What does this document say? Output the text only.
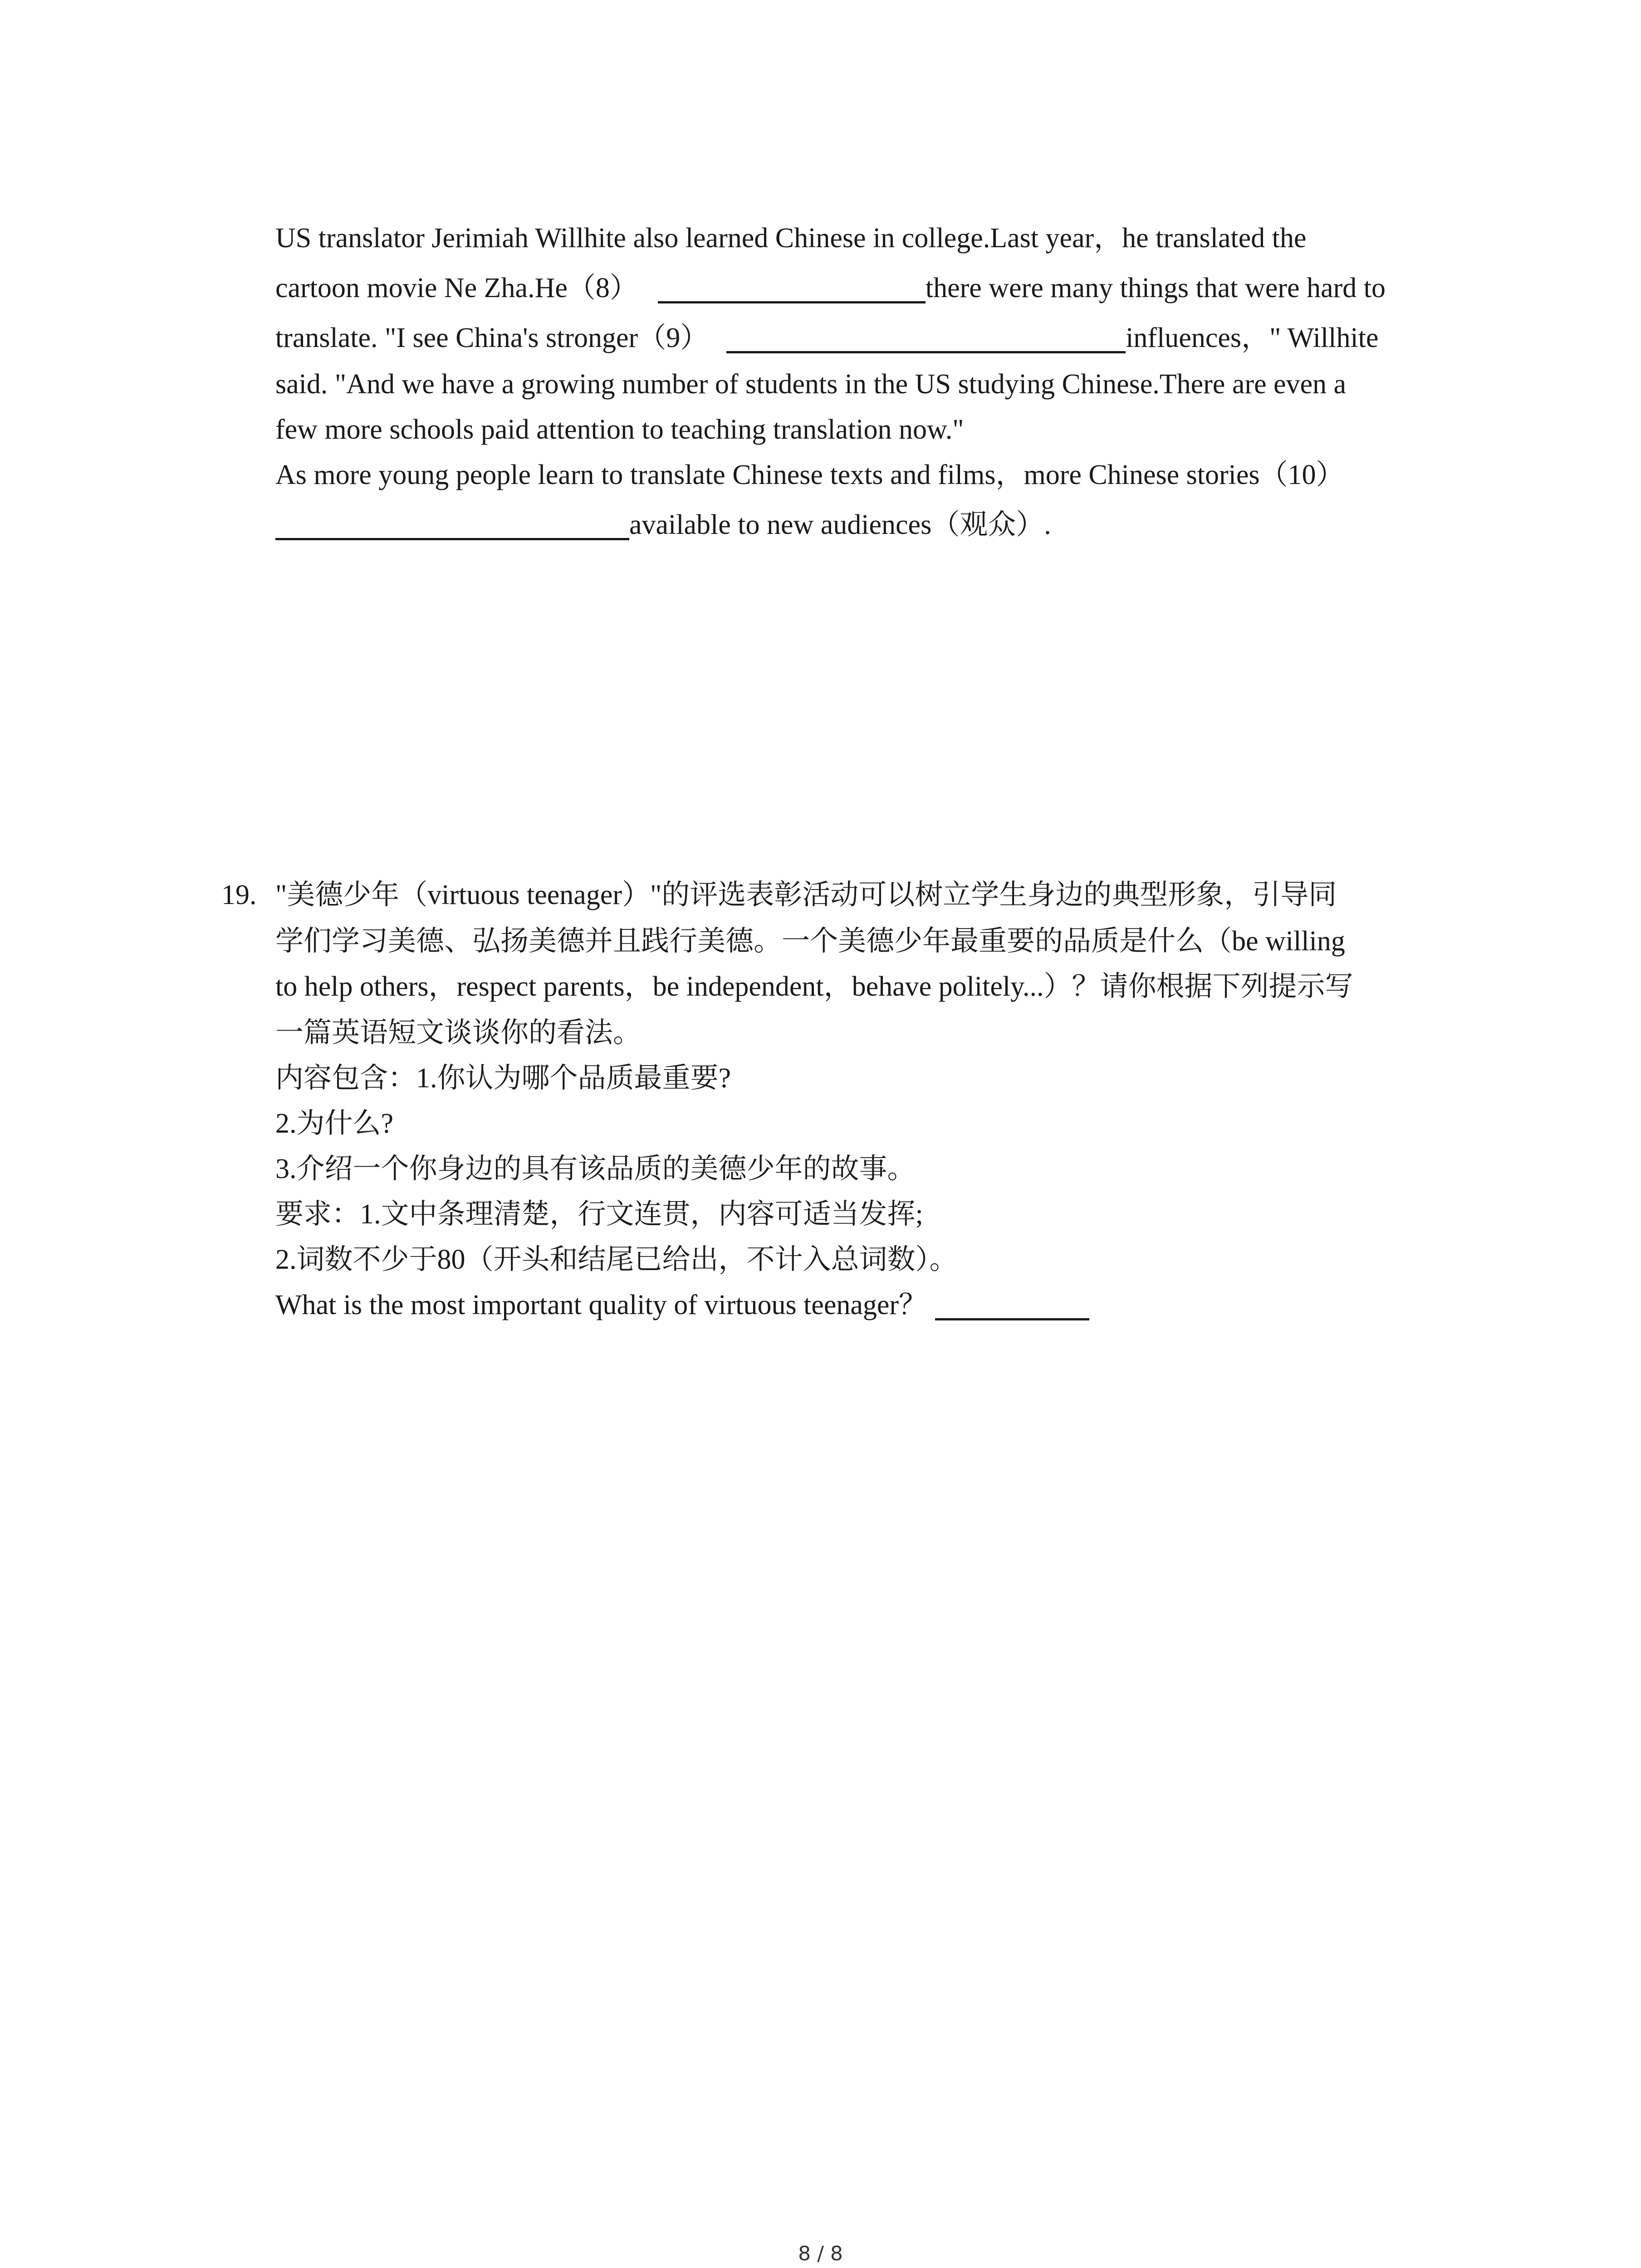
US translator Jerimiah Willhite also learned Chinese in college.Last year，he translated the
cartoon movie Ne Zha.He（8）	there were many things that were hard to
translate. "I see China's stronger（9）	influences，" Willhite
said. "And we have a growing number of students in the US studying Chinese.There are even a
few more schools paid attention to teaching translation now."
As more young people learn to translate Chinese texts and films，more Chinese stories（10）
available to new audiences（观众）.
19. "美德少年（virtuous teenager）"的评选表彰活动可以树立学生身边的典型形象，引导同
学们学习美德、弘扬美德并且践行美德。一个美德少年最重要的品质是什么（be willing
to help others，respect parents，be independent，behave politely...）？请你根据下列提示写
一篇英语短文谈谈你的看法。
内容包含：1.你认为哪个品质最重要?
2.为什么?
3.介绍一个你身边的具有该品质的美德少年的故事。
要求：1.文中条理清楚，行文连贯，内容可适当发挥;
2.词数不少于80（开头和结尾已给出，不计入总词数）。
What is the most important quality of virtuous teenager？
8 / 8
